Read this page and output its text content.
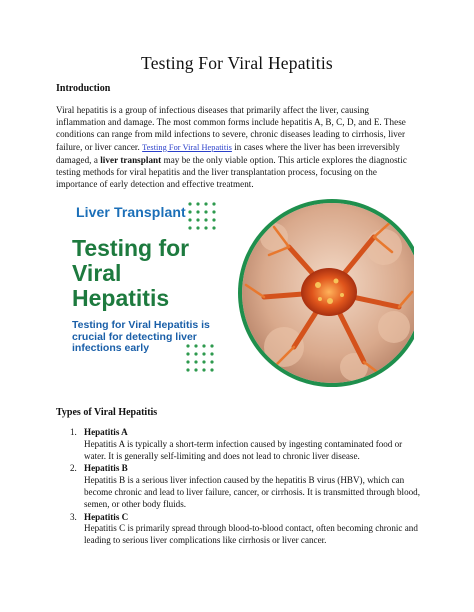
Testing For Viral Hepatitis
Introduction
Viral hepatitis is a group of infectious diseases that primarily affect the liver, causing inflammation and damage. The most common forms include hepatitis A, B, C, D, and E. These conditions can range from mild infections to severe, chronic diseases leading to cirrhosis, liver failure, or liver cancer. Testing For Viral Hepatitis in cases where the liver has been irreversibly damaged, a liver transplant may be the only viable option. This article explores the diagnostic testing methods for viral hepatitis and the liver transplantation process, focusing on the importance of early detection and effective treatment.
Liver Transplant
Testing for
Viral
Hepatitis
Testing for Viral Hepatitis is crucial for detecting liver infections early
Types of Viral Hepatitis
1. Hepatitis A
Hepatitis A is typically a short-term infection caused by ingesting contaminated food or water. It is generally self-limiting and does not lead to chronic liver disease.
2. Hepatitis B
Hepatitis B is a serious liver infection caused by the hepatitis B virus (HBV), which can become chronic and lead to liver failure, cancer, or cirrhosis. It is transmitted through blood, semen, or other body fluids.
3. Hepatitis C
Hepatitis C is primarily spread through blood-to-blood contact, often becoming chronic and leading to serious liver complications like cirrhosis or liver cancer.
